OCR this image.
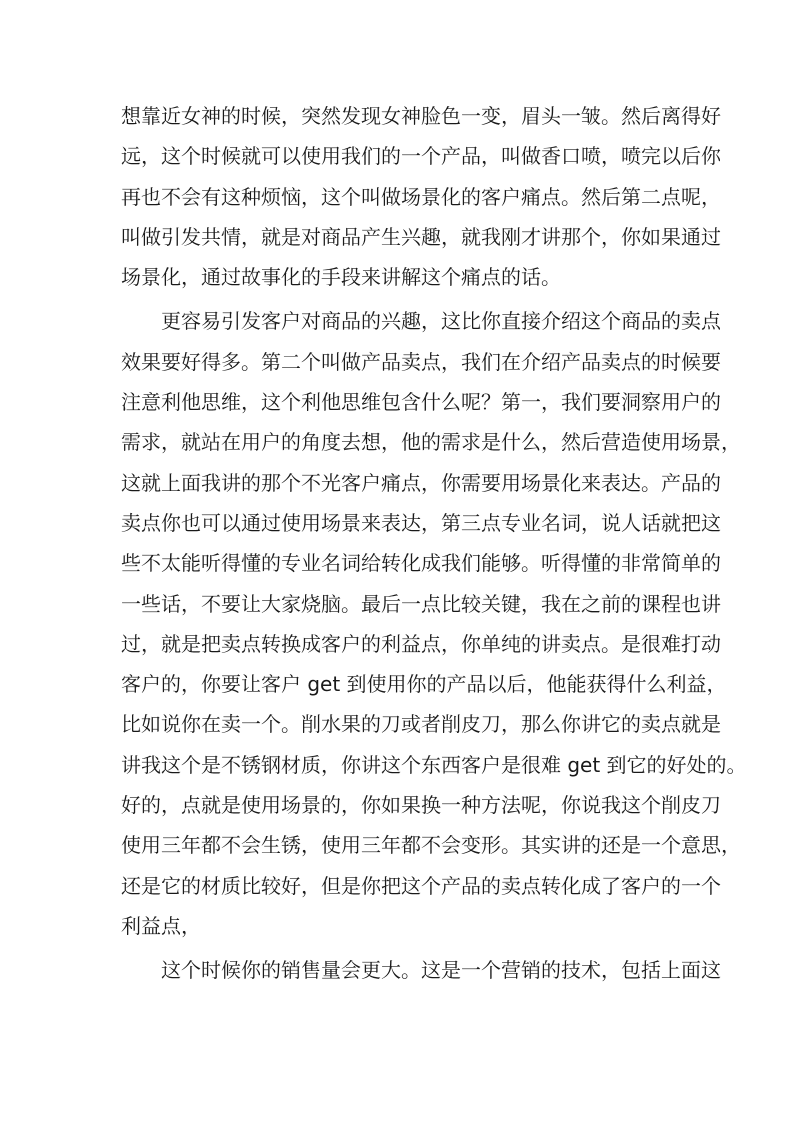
想靠近女神的时候，突然发现女神脸色一变，眉头一皱。然后离得好
远，这个时候就可以使用我们的一个产品，叫做香口喷，喷完以后你
再也不会有这种烦恼，这个叫做场景化的客户痛点。然后第二点呢，
叫做引发共情，就是对商品产生兴趣，就我刚才讲那个，你如果通过
场景化，通过故事化的手段来讲解这个痛点的话。
更容易引发客户对商品的兴趣，这比你直接介绍这个商品的卖点
效果要好得多。第二个叫做产品卖点，我们在介绍产品卖点的时候要
注意利他思维，这个利他思维包含什么呢？第一，我们要洞察用户的
需求，就站在用户的角度去想，他的需求是什么，然后营造使用场景，
这就上面我讲的那个不光客户痛点，你需要用场景化来表达。产品的
卖点你也可以通过使用场景来表达，第三点专业名词，说人话就把这
些不太能听得懂的专业名词给转化成我们能够。听得懂的非常简单的
一些话，不要让大家烧脑。最后一点比较关键，我在之前的课程也讲
过，就是把卖点转换成客户的利益点，你单纯的讲卖点。是很难打动
客户的，你要让客户 get 到使用你的产品以后，他能获得什么利益，
比如说你在卖一个。削水果的刀或者削皮刀，那么你讲它的卖点就是
讲我这个是不锈钢材质，你讲这个东西客户是很难 get 到它的好处的。
好的，点就是使用场景的，你如果换一种方法呢，你说我这个削皮刀
使用三年都不会生锈，使用三年都不会变形。其实讲的还是一个意思，
还是它的材质比较好，但是你把这个产品的卖点转化成了客户的一个
利益点，
这个时候你的销售量会更大。这是一个营销的技术，包括上面这
